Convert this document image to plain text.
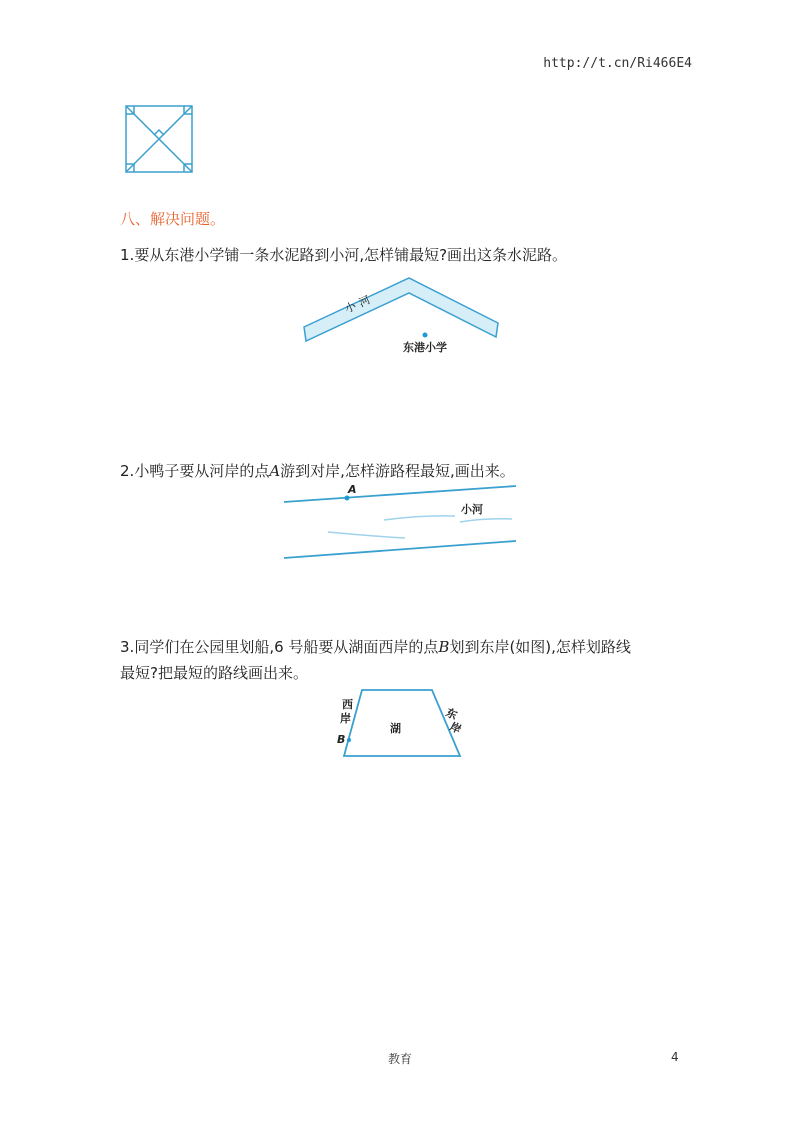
http://t.cn/Ri466E4
八、解决问题。
1.要从东港小学铺一条水泥路到小河,怎样铺最短?画出这条水泥路。
小
河
东港小学
2.小鸭子要从河岸的点A游到对岸,怎样游路程最短,画出来。
A
小河
3.同学们在公园里划船,6 号船要从湖面西岸的点B划到东岸(如图),怎样划路线
最短?把最短的路线画出来。
西
岸	东
岸
湖
B
教育	4
